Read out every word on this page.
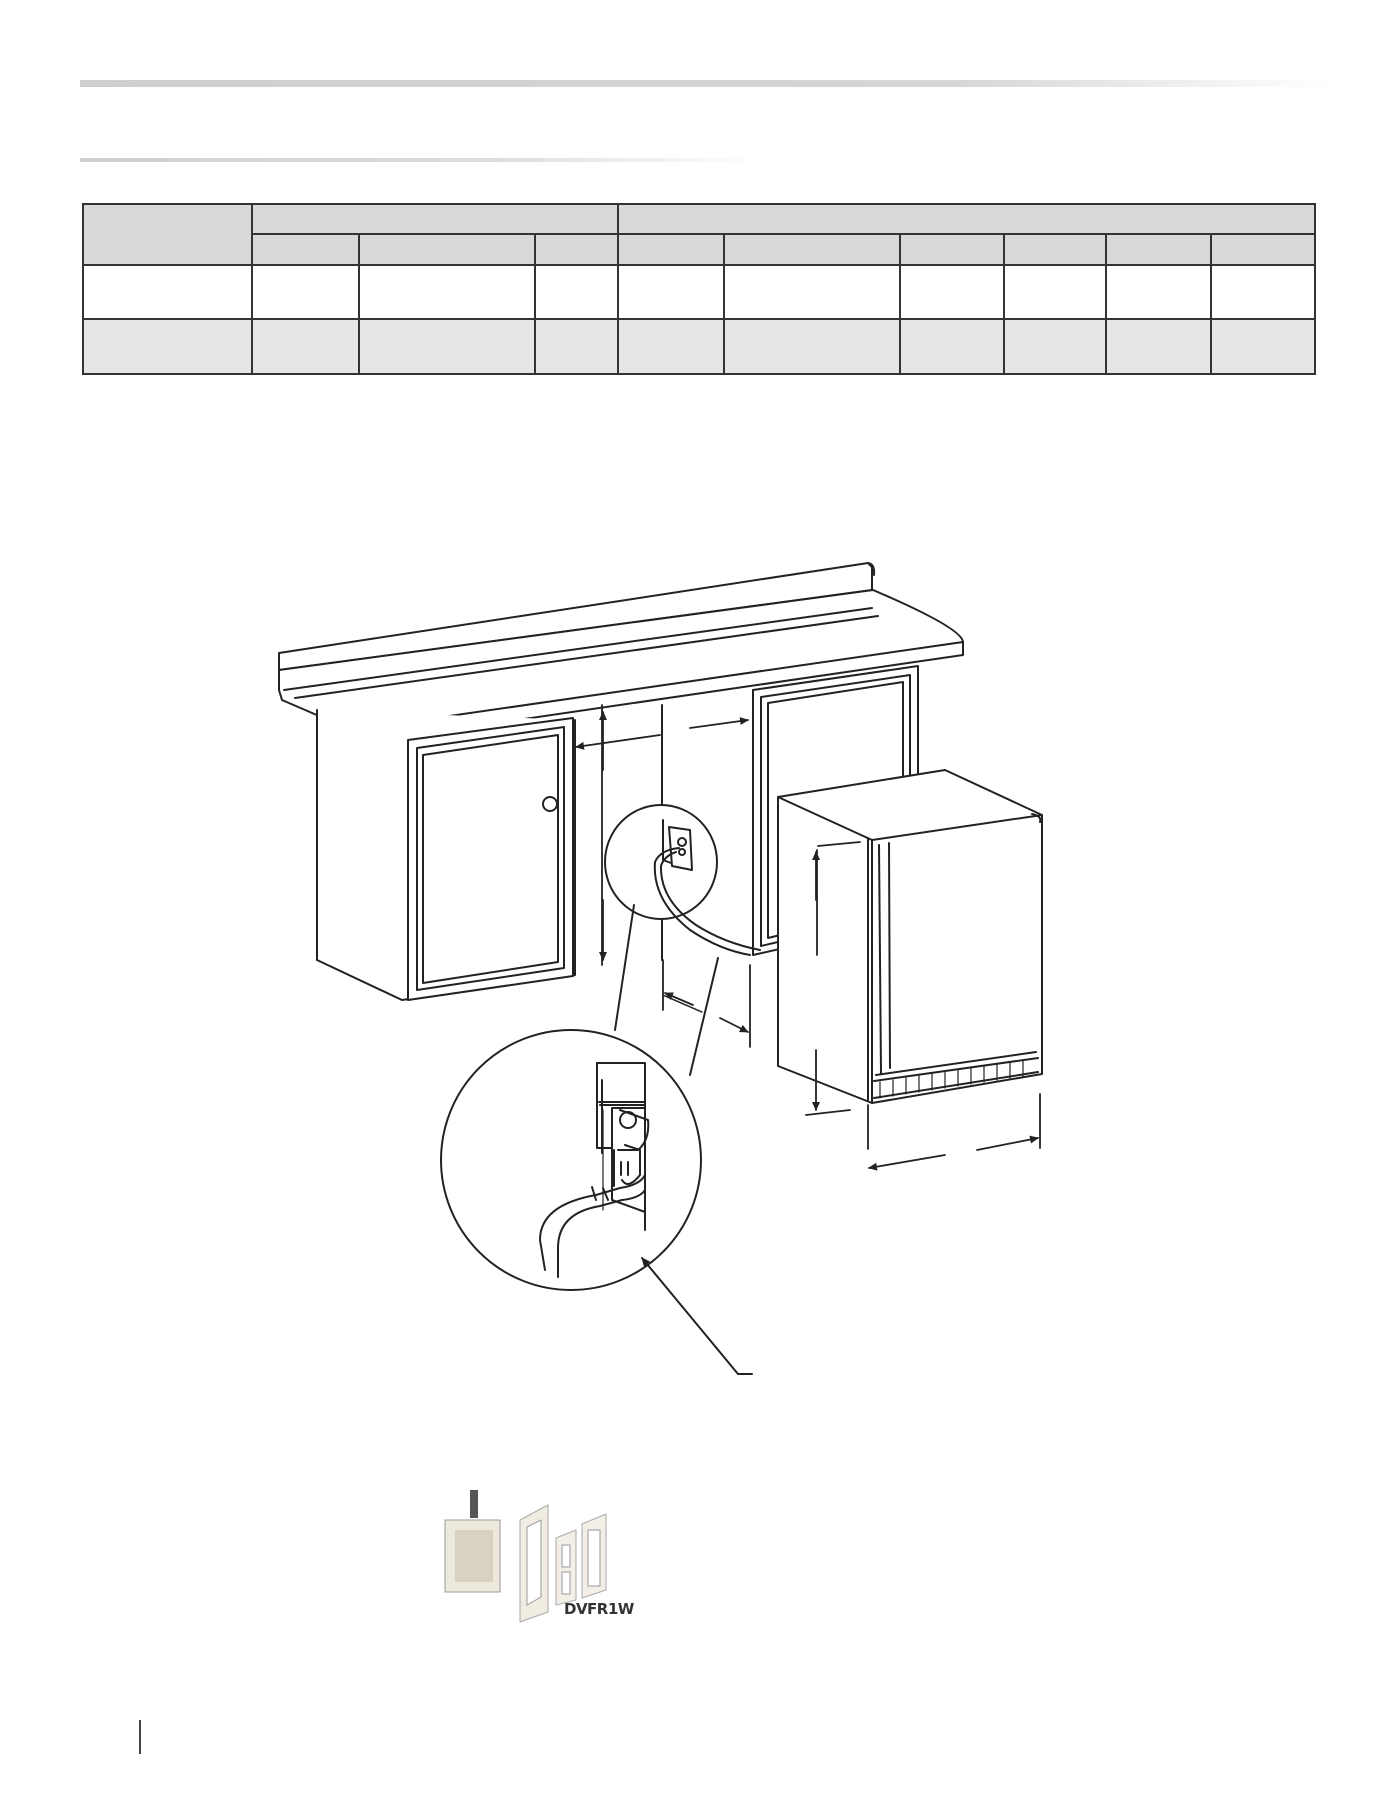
DVFR1W
